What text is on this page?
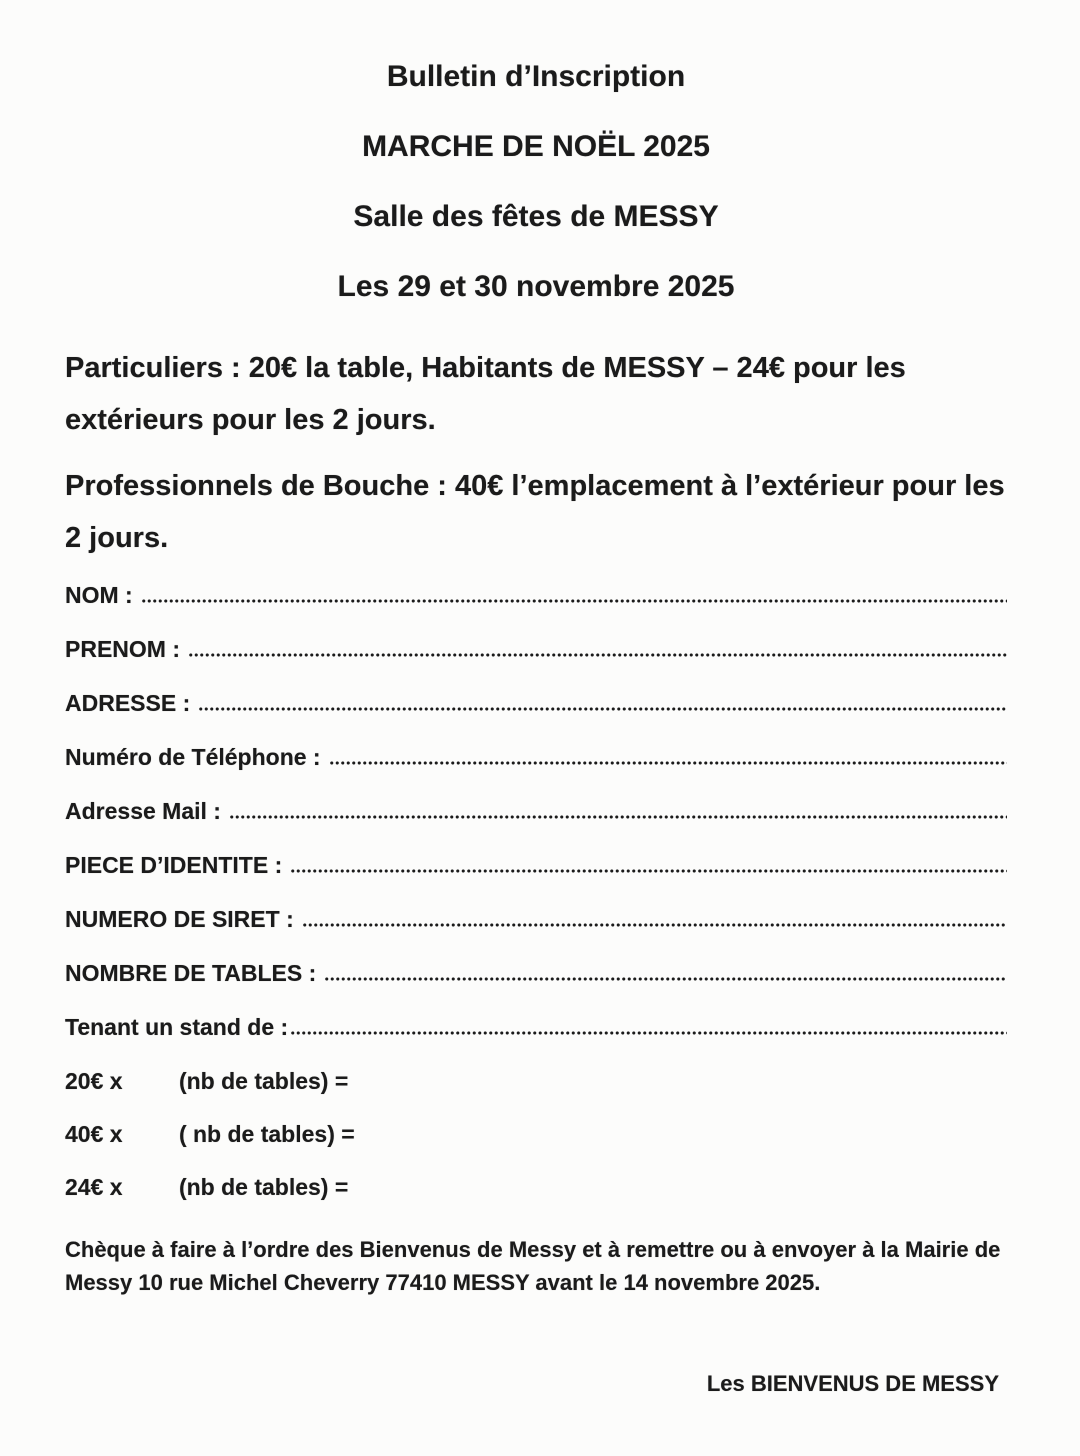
Bulletin d’Inscription
MARCHE DE NOËL 2025
Salle des fêtes de MESSY
Les 29 et 30 novembre 2025

Particuliers : 20€ la table, Habitants de MESSY – 24€ pour les extérieurs pour les 2 jours.

Professionnels de Bouche : 40€ l’emplacement à l’extérieur pour les 2 jours.

NOM :
PRENOM :
ADRESSE :
Numéro de Téléphone :
Adresse Mail :
PIECE D’IDENTITE :
NUMERO DE SIRET :
NOMBRE DE TABLES :
Tenant un stand de :
20€ x (nb de tables) =
40€ x ( nb de tables) =
24€ x (nb de tables) =

Chèque à faire à l’ordre des Bienvenus de Messy et à remettre ou à envoyer à la Mairie de Messy 10 rue Michel Cheverry 77410 MESSY avant le 14 novembre 2025.

Les BIENVENUS DE MESSY
